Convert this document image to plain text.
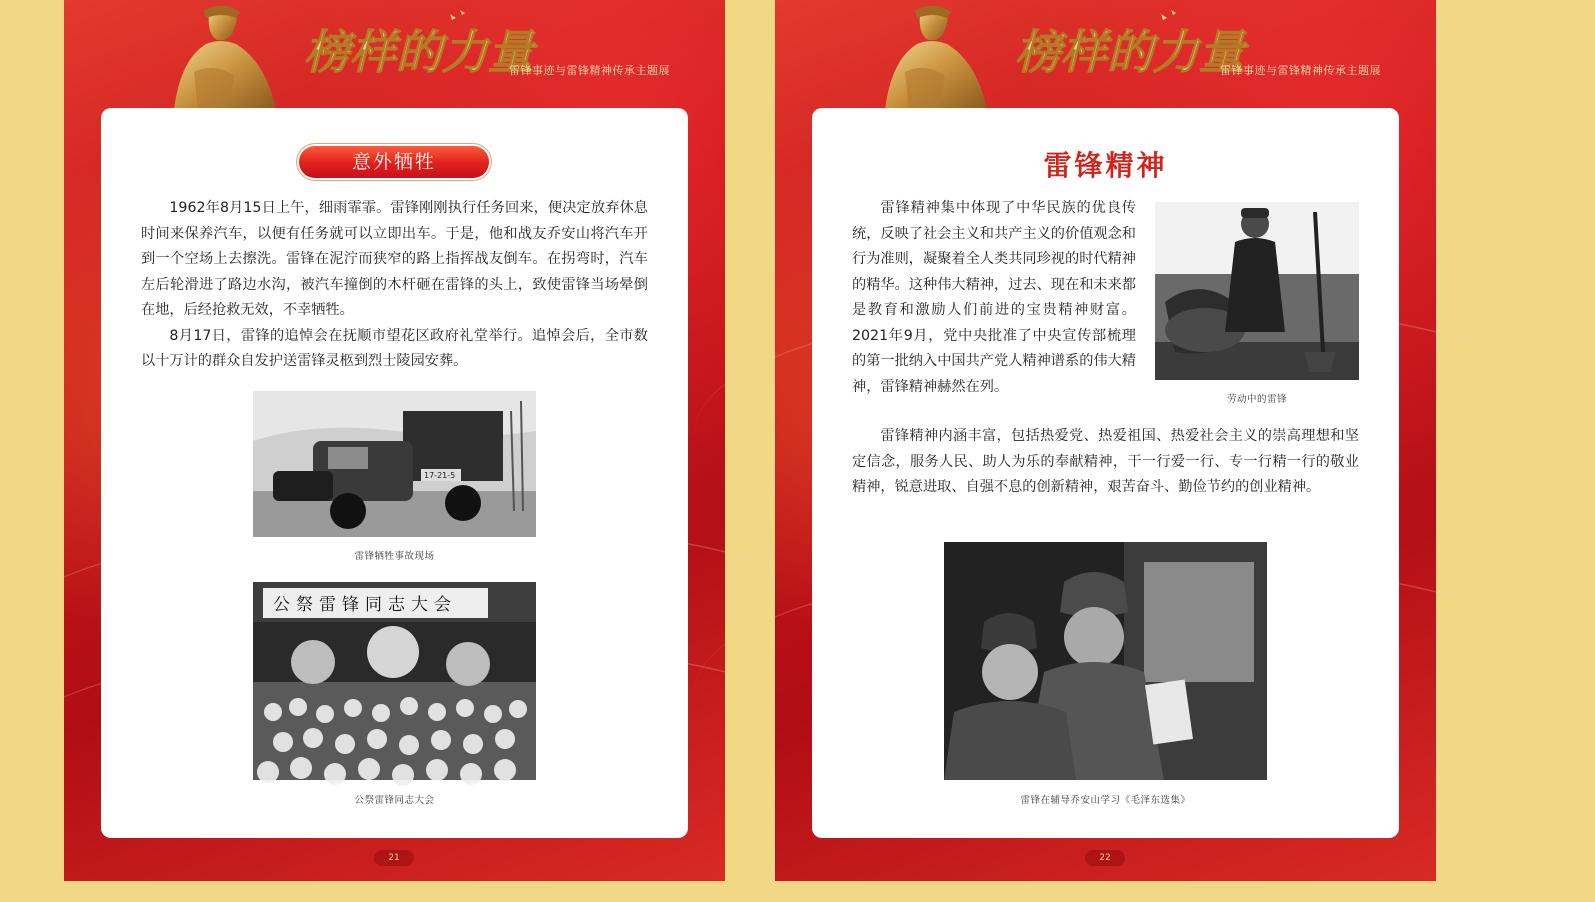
榜样的力量
雷锋事迹与雷锋精神传承主题展
意外牺牲

1962年8月15日上午，细雨霏霏。雷锋刚刚执行任务回来，便决定放弃休息时间来保养汽车，以便有任务就可以立即出车。于是，他和战友乔安山将汽车开到一个空场上去擦洗。雷锋在泥泞而狭窄的路上指挥战友倒车。在拐弯时，汽车左后轮滑进了路边水沟，被汽车撞倒的木杆砸在雷锋的头上，致使雷锋当场晕倒在地，后经抢救无效，不幸牺牲。

8月17日，雷锋的追悼会在抚顺市望花区政府礼堂举行。追悼会后，全市数以十万计的群众自发护送雷锋灵柩到烈士陵园安葬。

17-21-5
雷锋牺牲事故现场
公祭雷锋同志大会
公祭雷锋同志大会
21
榜样的力量
雷锋事迹与雷锋精神传承主题展
雷锋精神

雷锋精神集中体现了中华民族的优良传统，反映了社会主义和共产主义的价值观念和行为准则，凝聚着全人类共同珍视的时代精神的精华。这种伟大精神，过去、现在和未来都是教育和激励人们前进的宝贵精神财富。2021年9月，党中央批准了中央宣传部梳理的第一批纳入中国共产党人精神谱系的伟大精神，雷锋精神赫然在列。

劳动中的雷锋

雷锋精神内涵丰富，包括热爱党、热爱祖国、热爱社会主义的崇高理想和坚定信念，服务人民、助人为乐的奉献精神，干一行爱一行、专一行精一行的敬业精神，锐意进取、自强不息的创新精神，艰苦奋斗、勤俭节约的创业精神。

雷锋在辅导乔安山学习《毛泽东选集》
22
